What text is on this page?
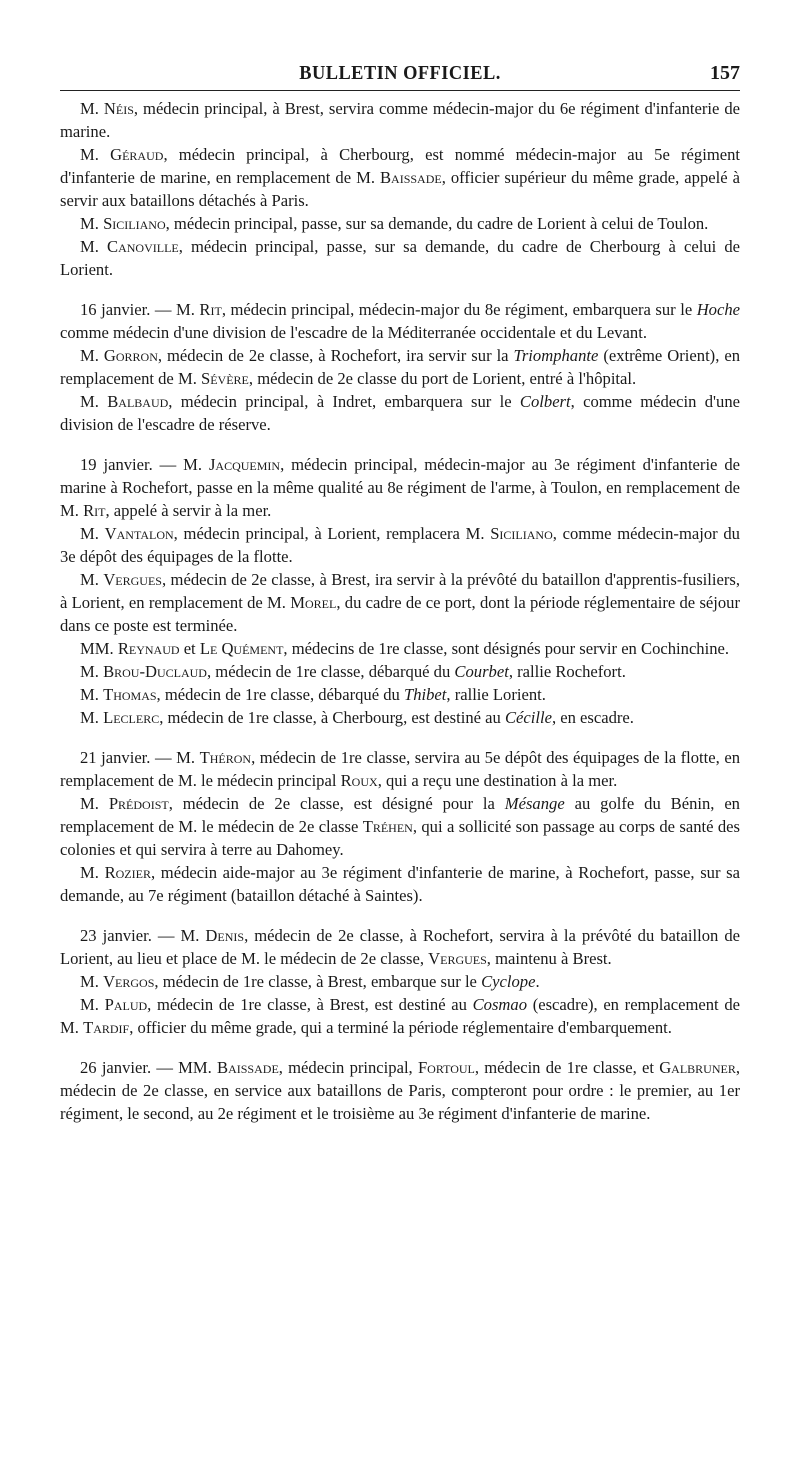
BULLETIN OFFICIEL.	157

M. Néis, médecin principal, à Brest, servira comme médecin-major du 6e régiment d'infanterie de marine.

M. Géraud, médecin principal, à Cherbourg, est nommé médecin-major au 5e régiment d'infanterie de marine, en remplacement de M. Baissade, officier supérieur du même grade, appelé à servir aux bataillons détachés à Paris.

M. Siciliano, médecin principal, passe, sur sa demande, du cadre de Lorient à celui de Toulon.

M. Canoville, médecin principal, passe, sur sa demande, du cadre de Cherbourg à celui de Lorient.

16 janvier. — M. Rit, médecin principal, médecin-major du 8e régiment, embarquera sur le Hoche comme médecin d'une division de l'escadre de la Méditerranée occidentale et du Levant.

M. Gorron, médecin de 2e classe, à Rochefort, ira servir sur la Triomphante (extrême Orient), en remplacement de M. Sévère, médecin de 2e classe du port de Lorient, entré à l'hôpital.

M. Balbaud, médecin principal, à Indret, embarquera sur le Colbert, comme médecin d'une division de l'escadre de réserve.

19 janvier. — M. Jacquemin, médecin principal, médecin-major au 3e régiment d'infanterie de marine à Rochefort, passe en la même qualité au 8e régiment de l'arme, à Toulon, en remplacement de M. Rit, appelé à servir à la mer.

M. Vantalon, médecin principal, à Lorient, remplacera M. Siciliano, comme médecin-major du 3e dépôt des équipages de la flotte.

M. Vergues, médecin de 2e classe, à Brest, ira servir à la prévôté du bataillon d'apprentis-fusiliers, à Lorient, en remplacement de M. Morel, du cadre de ce port, dont la période réglementaire de séjour dans ce poste est terminée.

MM. Reynaud et Le Quément, médecins de 1re classe, sont désignés pour servir en Cochinchine.

M. Brou-Duclaud, médecin de 1re classe, débarqué du Courbet, rallie Rochefort.

M. Thomas, médecin de 1re classe, débarqué du Thibet, rallie Lorient.

M. Leclerc, médecin de 1re classe, à Cherbourg, est destiné au Cécille, en escadre.

21 janvier. — M. Théron, médecin de 1re classe, servira au 5e dépôt des équipages de la flotte, en remplacement de M. le médecin principal Roux, qui a reçu une destination à la mer.

M. Prédoist, médecin de 2e classe, est désigné pour la Mésange au golfe du Bénin, en remplacement de M. le médecin de 2e classe Tréhen, qui a sollicité son passage au corps de santé des colonies et qui servira à terre au Dahomey.

M. Rozier, médecin aide-major au 3e régiment d'infanterie de marine, à Rochefort, passe, sur sa demande, au 7e régiment (bataillon détaché à Saintes).

23 janvier. — M. Denis, médecin de 2e classe, à Rochefort, servira à la prévôté du bataillon de Lorient, au lieu et place de M. le médecin de 2e classe, Vergues, maintenu à Brest.

M. Vergos, médecin de 1re classe, à Brest, embarque sur le Cyclope.

M. Palud, médecin de 1re classe, à Brest, est destiné au Cosmao (escadre), en remplacement de M. Tardif, officier du même grade, qui a terminé la période réglementaire d'embarquement.

26 janvier. — MM. Baissade, médecin principal, Fortoul, médecin de 1re classe, et Galbruner, médecin de 2e classe, en service aux bataillons de Paris, compteront pour ordre : le premier, au 1er régiment, le second, au 2e régiment et le troisième au 3e régiment d'infanterie de marine.
